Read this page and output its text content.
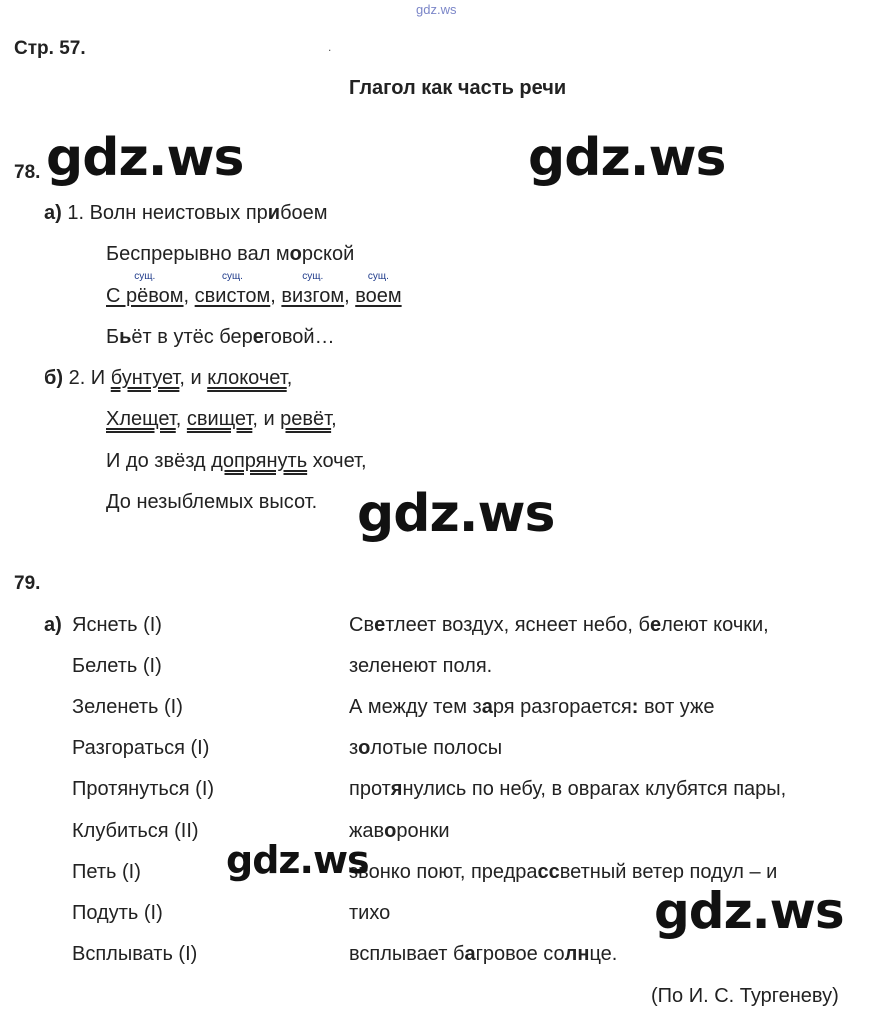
gdz.ws
Стр. 57.	.
Глагол как часть речи
78.
а) 1. Волн неистовых прибоем
Беспрерывно вал морской
сущ.
С рёвом,
сущ.
свистом,
сущ.
визгом,
сущ.
воем
Бьёт в утёс береговой…
б) 2. И бунтует, и клокочет,
Хлещет, свищет, и ревёт,
И до звёзд допрянуть хочет,
До незыблемых высот.
79.
а) Яснеть (I)
Белеть (I)
Зеленеть (I)
Разгораться (I)
Протянуться (I)
Клубиться (II)
Петь (I)
Подуть (I)
Всплывать (I)
Светлеет воздух, яснеет небо, белеют кочки,
зеленеют поля.
А между тем заря разгорается: вот уже
золотые полосы
протянулись по небу, в оврагах клубятся пары,
жаворонки
звонко поют, предрассветный ветер подул – и
тихо
всплывает багровое солнце.
(По И. С. Тургеневу)
gdz.ws	gdz.ws
gdz.ws
gdz.ws
gdz.ws
